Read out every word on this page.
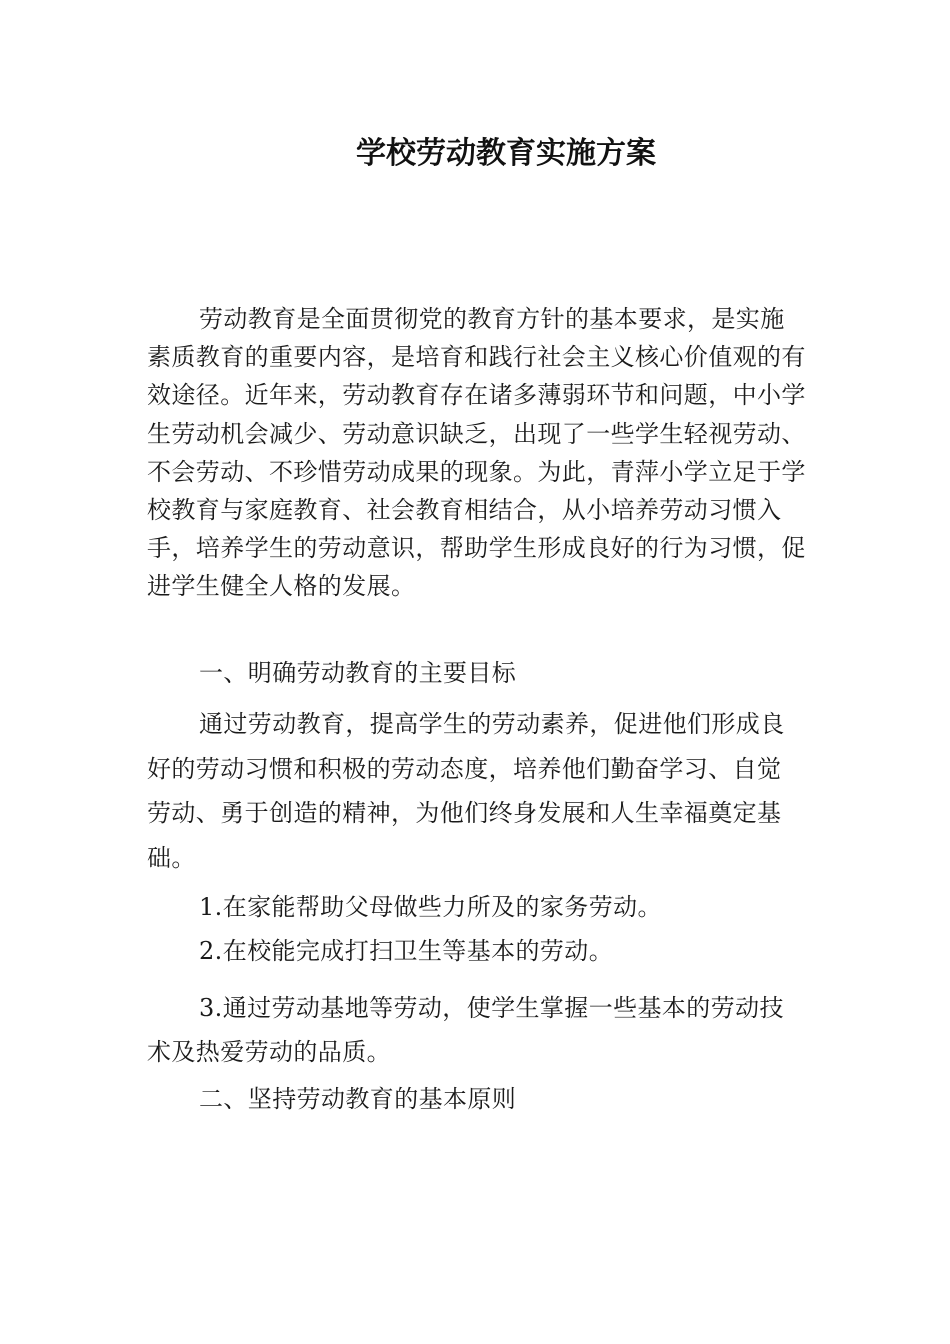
学校劳动教育实施方案

劳动教育是全面贯彻党的教育方针的基本要求，是实施素质教育的重要内容，是培育和践行社会主义核心价值观的有效途径。近年来，劳动教育存在诸多薄弱环节和问题，中小学生劳动机会减少、劳动意识缺乏，出现了一些学生轻视劳动、不会劳动、不珍惜劳动成果的现象。为此，青萍小学立足于学校教育与家庭教育、社会教育相结合，从小培养劳动习惯入手，培养学生的劳动意识，帮助学生形成良好的行为习惯，促进学生健全人格的发展。

一、明确劳动教育的主要目标

通过劳动教育，提高学生的劳动素养，促进他们形成良好的劳动习惯和积极的劳动态度，培养他们勤奋学习、自觉 劳动、勇于创造的精神，为他们终身发展和人生幸福奠定基 础。

1.在家能帮助父母做些力所及的家务劳动。

2.在校能完成打扫卫生等基本的劳动。

3.通过劳动基地等劳动，使学生掌握一些基本的劳动技术及热爱劳动的品质。

二、坚持劳动教育的基本原则
